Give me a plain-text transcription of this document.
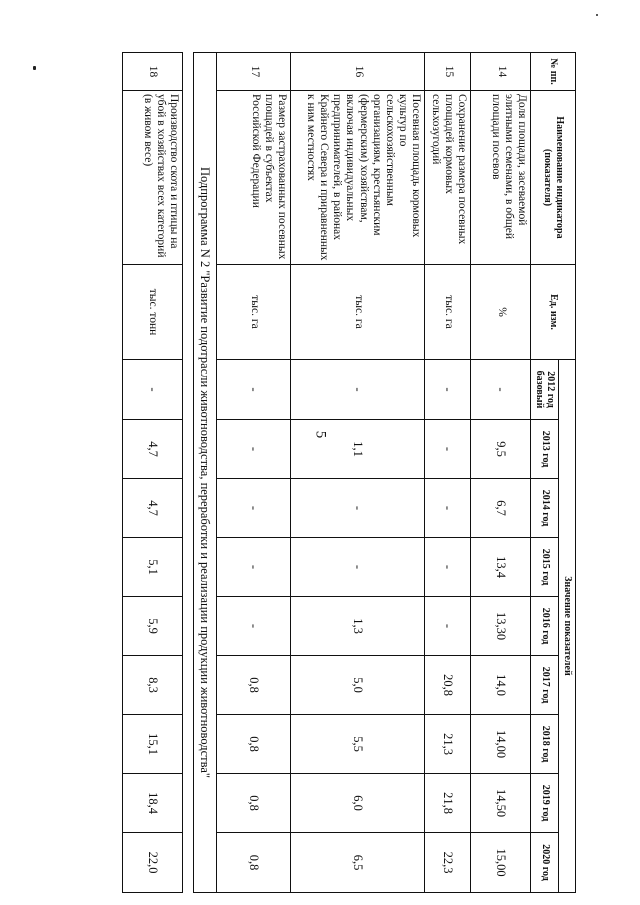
5
№ пп.	Наименование индикатора (показателя)	Ед. изм.	Значение показателей								
			2012 год базовый	2013 год	2014 год	2015 год	2016 год	2017 год	2018 год	2019 год	2020 год
14	Доля площади, засеваемой элитными семенами, в общей площади посевов	%	-	9,5	6,7	13,4	13,30	14,0	14,00	14,50	15,00
15	Сохранение размера посевных площадей кормовых сельхозугодий	тыс. га	-	-	-	-	-	20,8	21,3	21,8	22,3
16	Посевная площадь кормовых культур по сельскохозяйственным организациям, крестьянским (фермерским) хозяйствам, включая индивидуальных предпринимателей, в районах Крайнего Севера и приравненных к ним местностях	тыс. га	-	1,1	-	-	1,3	5,0	5,5	6,0	6,5
17	Размер застрахованных посевных площадей в субъектах Российской Федерации	тыс. га	-	-	-	-	-	0,8	0,8	0,8	0,8
Подпрограмма N 2 "Развитие подотрасли животноводства, переработки и реализации продукции животноводства"											

18	Производство скота и птицы на убой в хозяйствах всех категорий (в живом весе)	тыс. тонн	-	4,7	4,7	5,1	5,9	8,3	15,1	18,4	22,0
